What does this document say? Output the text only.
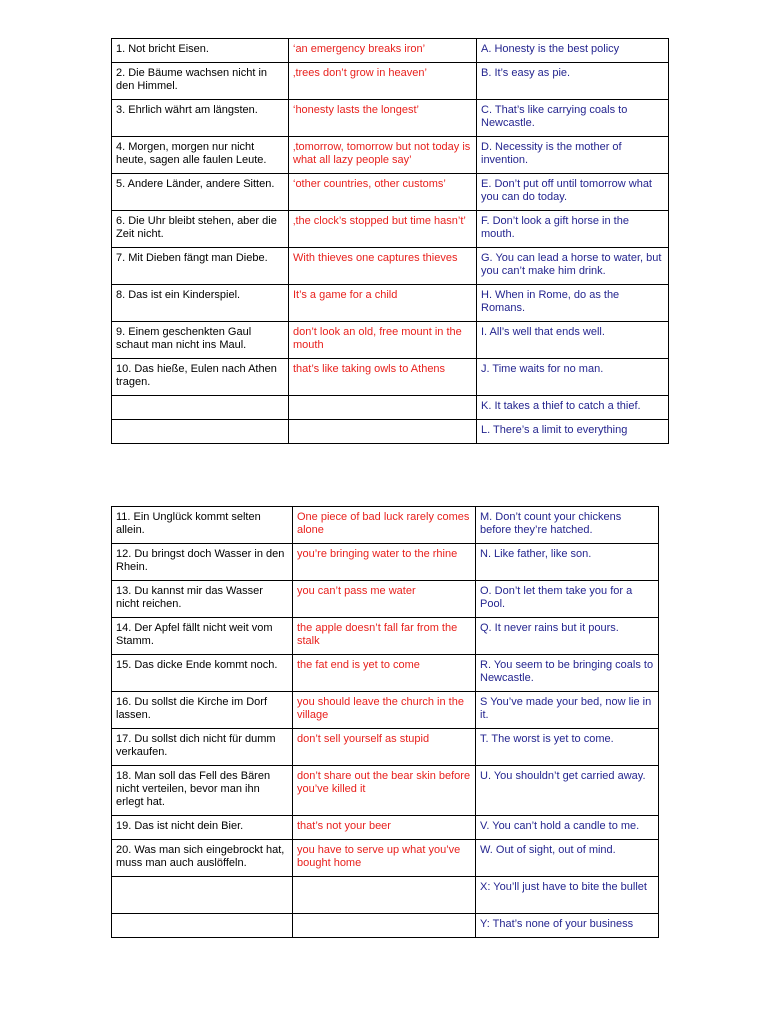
1. Not bricht Eisen.	‘an emergency breaks iron’	A. Honesty is the best policy
2. Die Bäume wachsen nicht in den Himmel.	‚trees don’t grow in heaven’	B. It’s easy as pie.
3. Ehrlich währt am längsten.	‘honesty lasts the longest’	C. That’s like carrying coals to Newcastle.
4. Morgen, morgen nur nicht heute, sagen alle faulen Leute.	‚tomorrow, tomorrow but not today is what all lazy people say’	D. Necessity is the mother of invention.
5. Andere Länder, andere Sitten.	‘other countries, other customs’	E. Don’t put off until tomorrow what you can do today.
6. Die Uhr bleibt stehen, aber die Zeit nicht.	‚the clock’s stopped but time hasn’t’	F. Don’t look a gift horse in the mouth.
7. Mit Dieben fängt man Diebe.	With thieves one captures thieves	G. You can lead a horse to water, but you can’t make him drink.
8. Das ist ein Kinderspiel.	It’s a game for a child	H. When in Rome, do as the Romans.
9. Einem geschenkten Gaul schaut man nicht ins Maul.	don’t look an old, free mount in the mouth	I. All’s well that ends well.
10. Das hieße, Eulen nach Athen tragen.	that’s like taking owls to Athens	J. Time waits for no man.
		K. It takes a thief to catch a thief.
		L. There’s a limit to everything
11. Ein Unglück kommt selten allein.	One piece of bad luck rarely comes alone	M. Don’t count your chickens before they’re hatched.
12. Du bringst doch Wasser in den Rhein.	you’re bringing water to the rhine	N. Like father, like son.
13. Du kannst mir das Wasser nicht reichen.	you can’t pass me water	O. Don’t let them take you for a Pool.
14. Der Apfel fällt nicht weit vom Stamm.	the apple doesn’t fall far from the stalk	Q. It never rains but it pours.
15. Das dicke Ende kommt noch.	the fat end is yet to come	R. You seem to be bringing coals to Newcastle.
16. Du sollst die Kirche im Dorf lassen.	you should leave the church in the village	S You’ve made your bed, now lie in it.
17. Du sollst dich nicht für dumm verkaufen.	don’t sell yourself as stupid	T. The worst is yet to come.
18. Man soll das Fell des Bären nicht verteilen, bevor man ihn erlegt hat.	don’t share out the bear skin before you’ve killed it	U. You shouldn’t get carried away.
19. Das ist nicht dein Bier.	that’s not your beer	V. You can’t hold a candle to me.
20. Was man sich eingebrockt hat, muss man auch auslöffeln.	you have to serve up what you’ve bought home	W. Out of sight, out of mind.
		X: You’ll just have to bite the bullet
		Y: That’s none of your business
